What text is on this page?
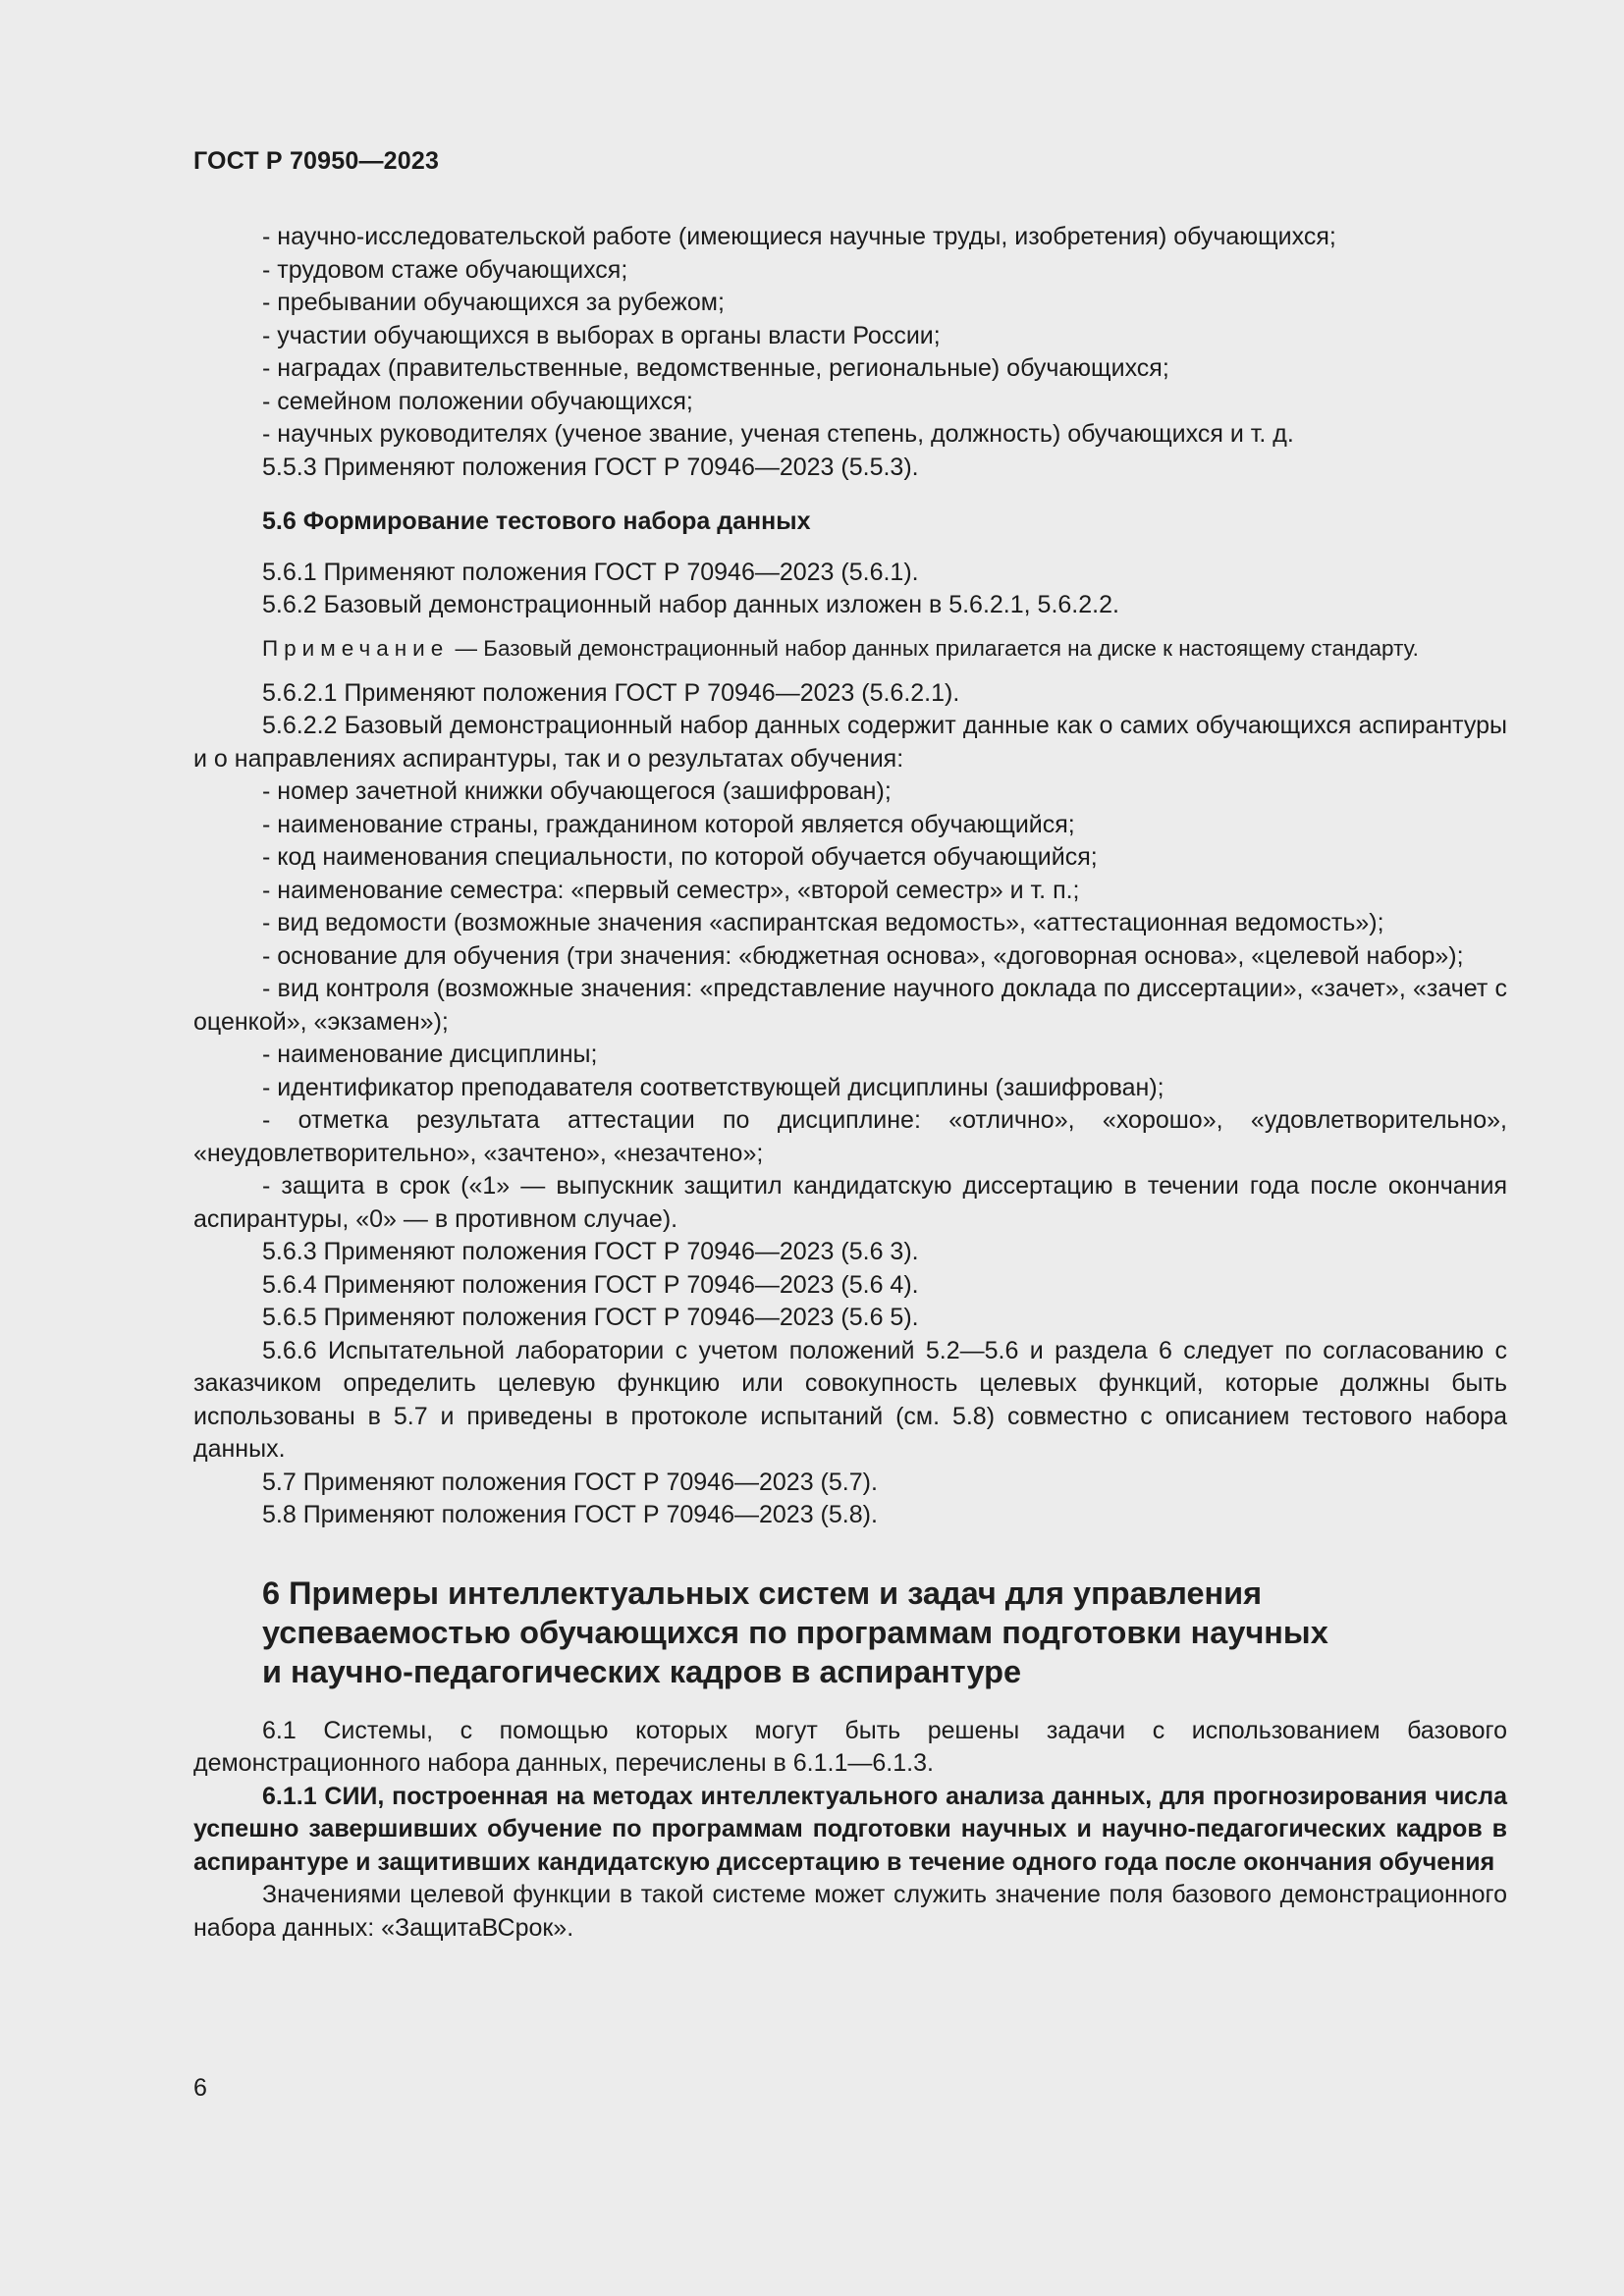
ГОСТ Р 70950—2023

- научно-исследовательской работе (имеющиеся научные труды, изобретения) обучающихся;

- трудовом стаже обучающихся;

- пребывании обучающихся за рубежом;

- участии обучающихся в выборах в органы власти России;

- наградах (правительственные, ведомственные, региональные) обучающихся;

- семейном положении обучающихся;

- научных руководителях (ученое звание, ученая степень, должность) обучающихся и т. д.

5.5.3 Применяют положения ГОСТ Р 70946—2023 (5.5.3).

5.6 Формирование тестового набора данных

5.6.1 Применяют положения ГОСТ Р 70946—2023 (5.6.1).

5.6.2 Базовый демонстрационный набор данных изложен в 5.6.2.1, 5.6.2.2.

Примечание — Базовый демонстрационный набор данных прилагается на диске к настоящему стандарту.

5.6.2.1 Применяют положения ГОСТ Р 70946—2023 (5.6.2.1).

5.6.2.2 Базовый демонстрационный набор данных содержит данные как о самих обучающихся аспирантуры и о направлениях аспирантуры, так и о результатах обучения:

- номер зачетной книжки обучающегося (зашифрован);

- наименование страны, гражданином которой является обучающийся;

- код наименования специальности, по которой обучается обучающийся;

- наименование семестра: «первый семестр», «второй семестр» и т. п.;

- вид ведомости (возможные значения «аспирантская ведомость», «аттестационная ведомость»);

- основание для обучения (три значения: «бюджетная основа», «договорная основа», «целевой набор»);

- вид контроля (возможные значения: «представление научного доклада по диссертации», «зачет», «зачет с оценкой», «экзамен»);

- наименование дисциплины;

- идентификатор преподавателя соответствующей дисциплины (зашифрован);

- отметка результата аттестации по дисциплине: «отлично», «хорошо», «удовлетворительно», «неудовлетворительно», «зачтено», «незачтено»;

- защита в срок («1» — выпускник защитил кандидатскую диссертацию в течении года после окончания аспирантуры, «0» — в противном случае).

5.6.3 Применяют положения ГОСТ Р 70946—2023 (5.6 3).

5.6.4 Применяют положения ГОСТ Р 70946—2023 (5.6 4).

5.6.5 Применяют положения ГОСТ Р 70946—2023 (5.6 5).

5.6.6 Испытательной лаборатории с учетом положений 5.2—5.6 и раздела 6 следует по согласованию с заказчиком определить целевую функцию или совокупность целевых функций, которые должны быть использованы в 5.7 и приведены в протоколе испытаний (см. 5.8) совместно с описанием тестового набора данных.

5.7 Применяют положения ГОСТ Р 70946—2023 (5.7).

5.8 Применяют положения ГОСТ Р 70946—2023 (5.8).

6 Примеры интеллектуальных систем и задач для управления
успеваемостью обучающихся по программам подготовки научных
и научно-педагогических кадров в аспирантуре

6.1 Системы, с помощью которых могут быть решены задачи с использованием базового демонстрационного набора данных, перечислены в 6.1.1—6.1.3.

6.1.1 СИИ, построенная на методах интеллектуального анализа данных, для прогнозирования числа успешно завершивших обучение по программам подготовки научных и научно-педагогических кадров в аспирантуре и защитивших кандидатскую диссертацию в течение одного года после окончания обучения

Значениями целевой функции в такой системе может служить значение поля базового демонстрационного набора данных: «ЗащитаВСрок».

6
